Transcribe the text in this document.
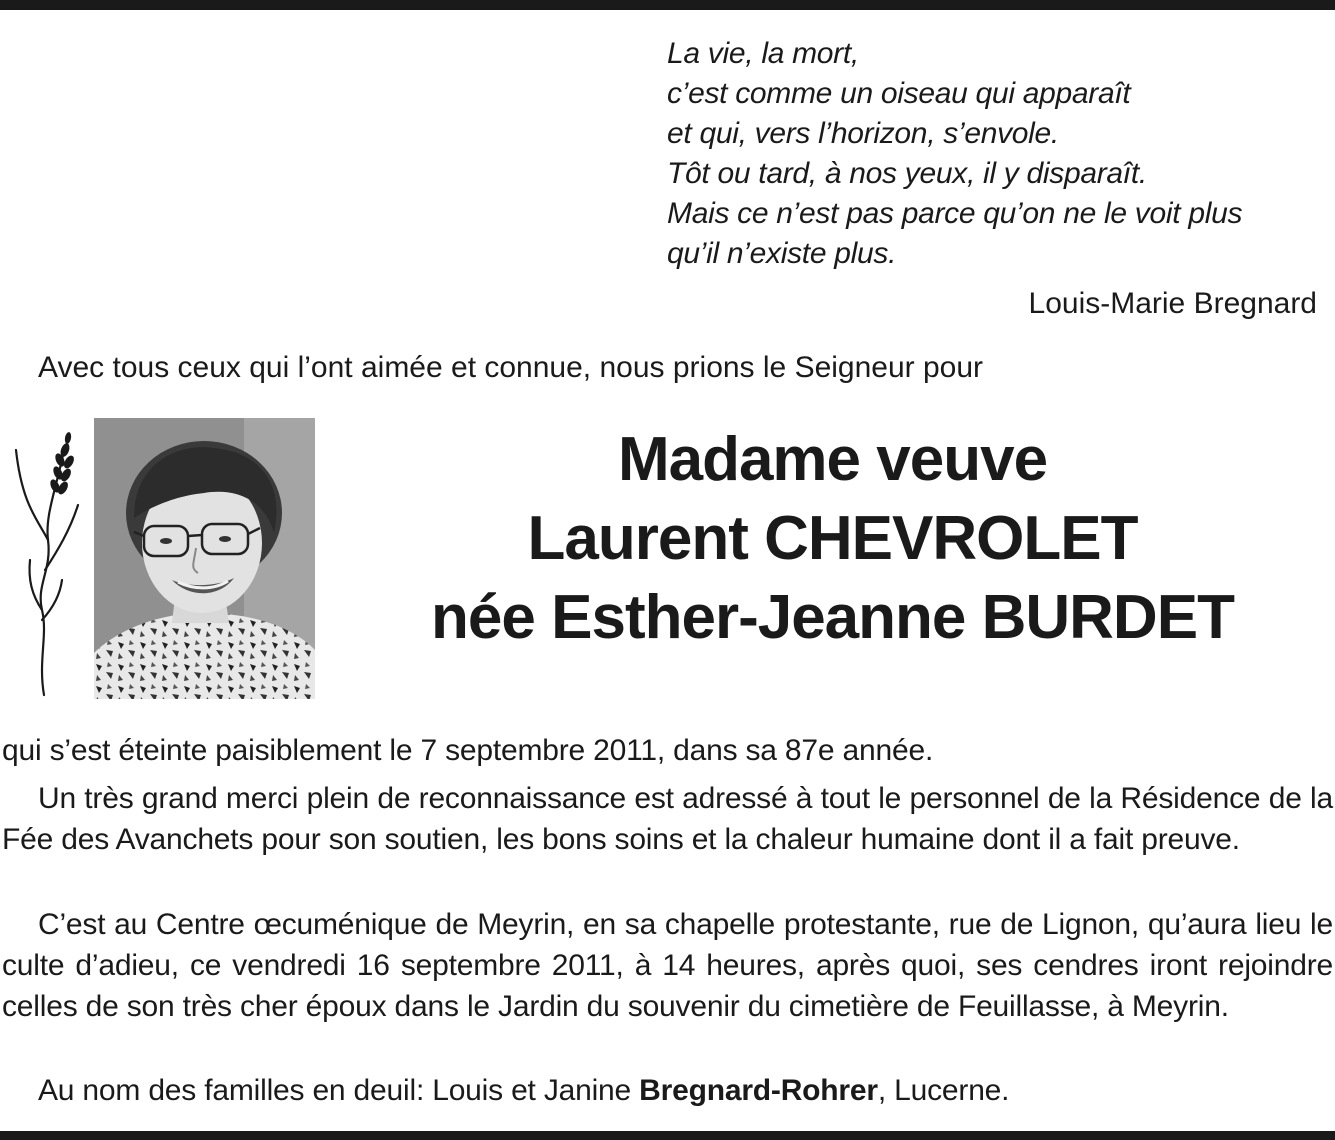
La vie, la mort,
c’est comme un oiseau qui apparaît
et qui, vers l’horizon, s’envole.
Tôt ou tard, à nos yeux, il y disparaît.
Mais ce n’est pas parce qu’on ne le voit plus
qu’il n’existe plus.
Louis-Marie Bregnard
Avec tous ceux qui l’ont aimée et connue, nous prions le Seigneur pour
Madame veuve
Laurent CHEVROLET
née Esther-Jeanne BURDET
qui s’est éteinte paisiblement le 7 septembre 2011, dans sa 87e année.
Un très grand merci plein de reconnaissance est adressé à tout le personnel de la Résidence de la Fée des Avanchets pour son soutien, les bons soins et la chaleur humaine dont il a fait preuve.
C’est au Centre œcuménique de Meyrin, en sa chapelle protestante, rue de Lignon, qu’aura lieu le culte d’adieu, ce vendredi 16 septembre 2011, à 14 heures, après quoi, ses cendres iront rejoindre celles de son très cher époux dans le Jardin du souvenir du cimetière de Feuillasse, à Meyrin.
Au nom des familles en deuil: Louis et Janine Bregnard-Rohrer, Lucerne.
